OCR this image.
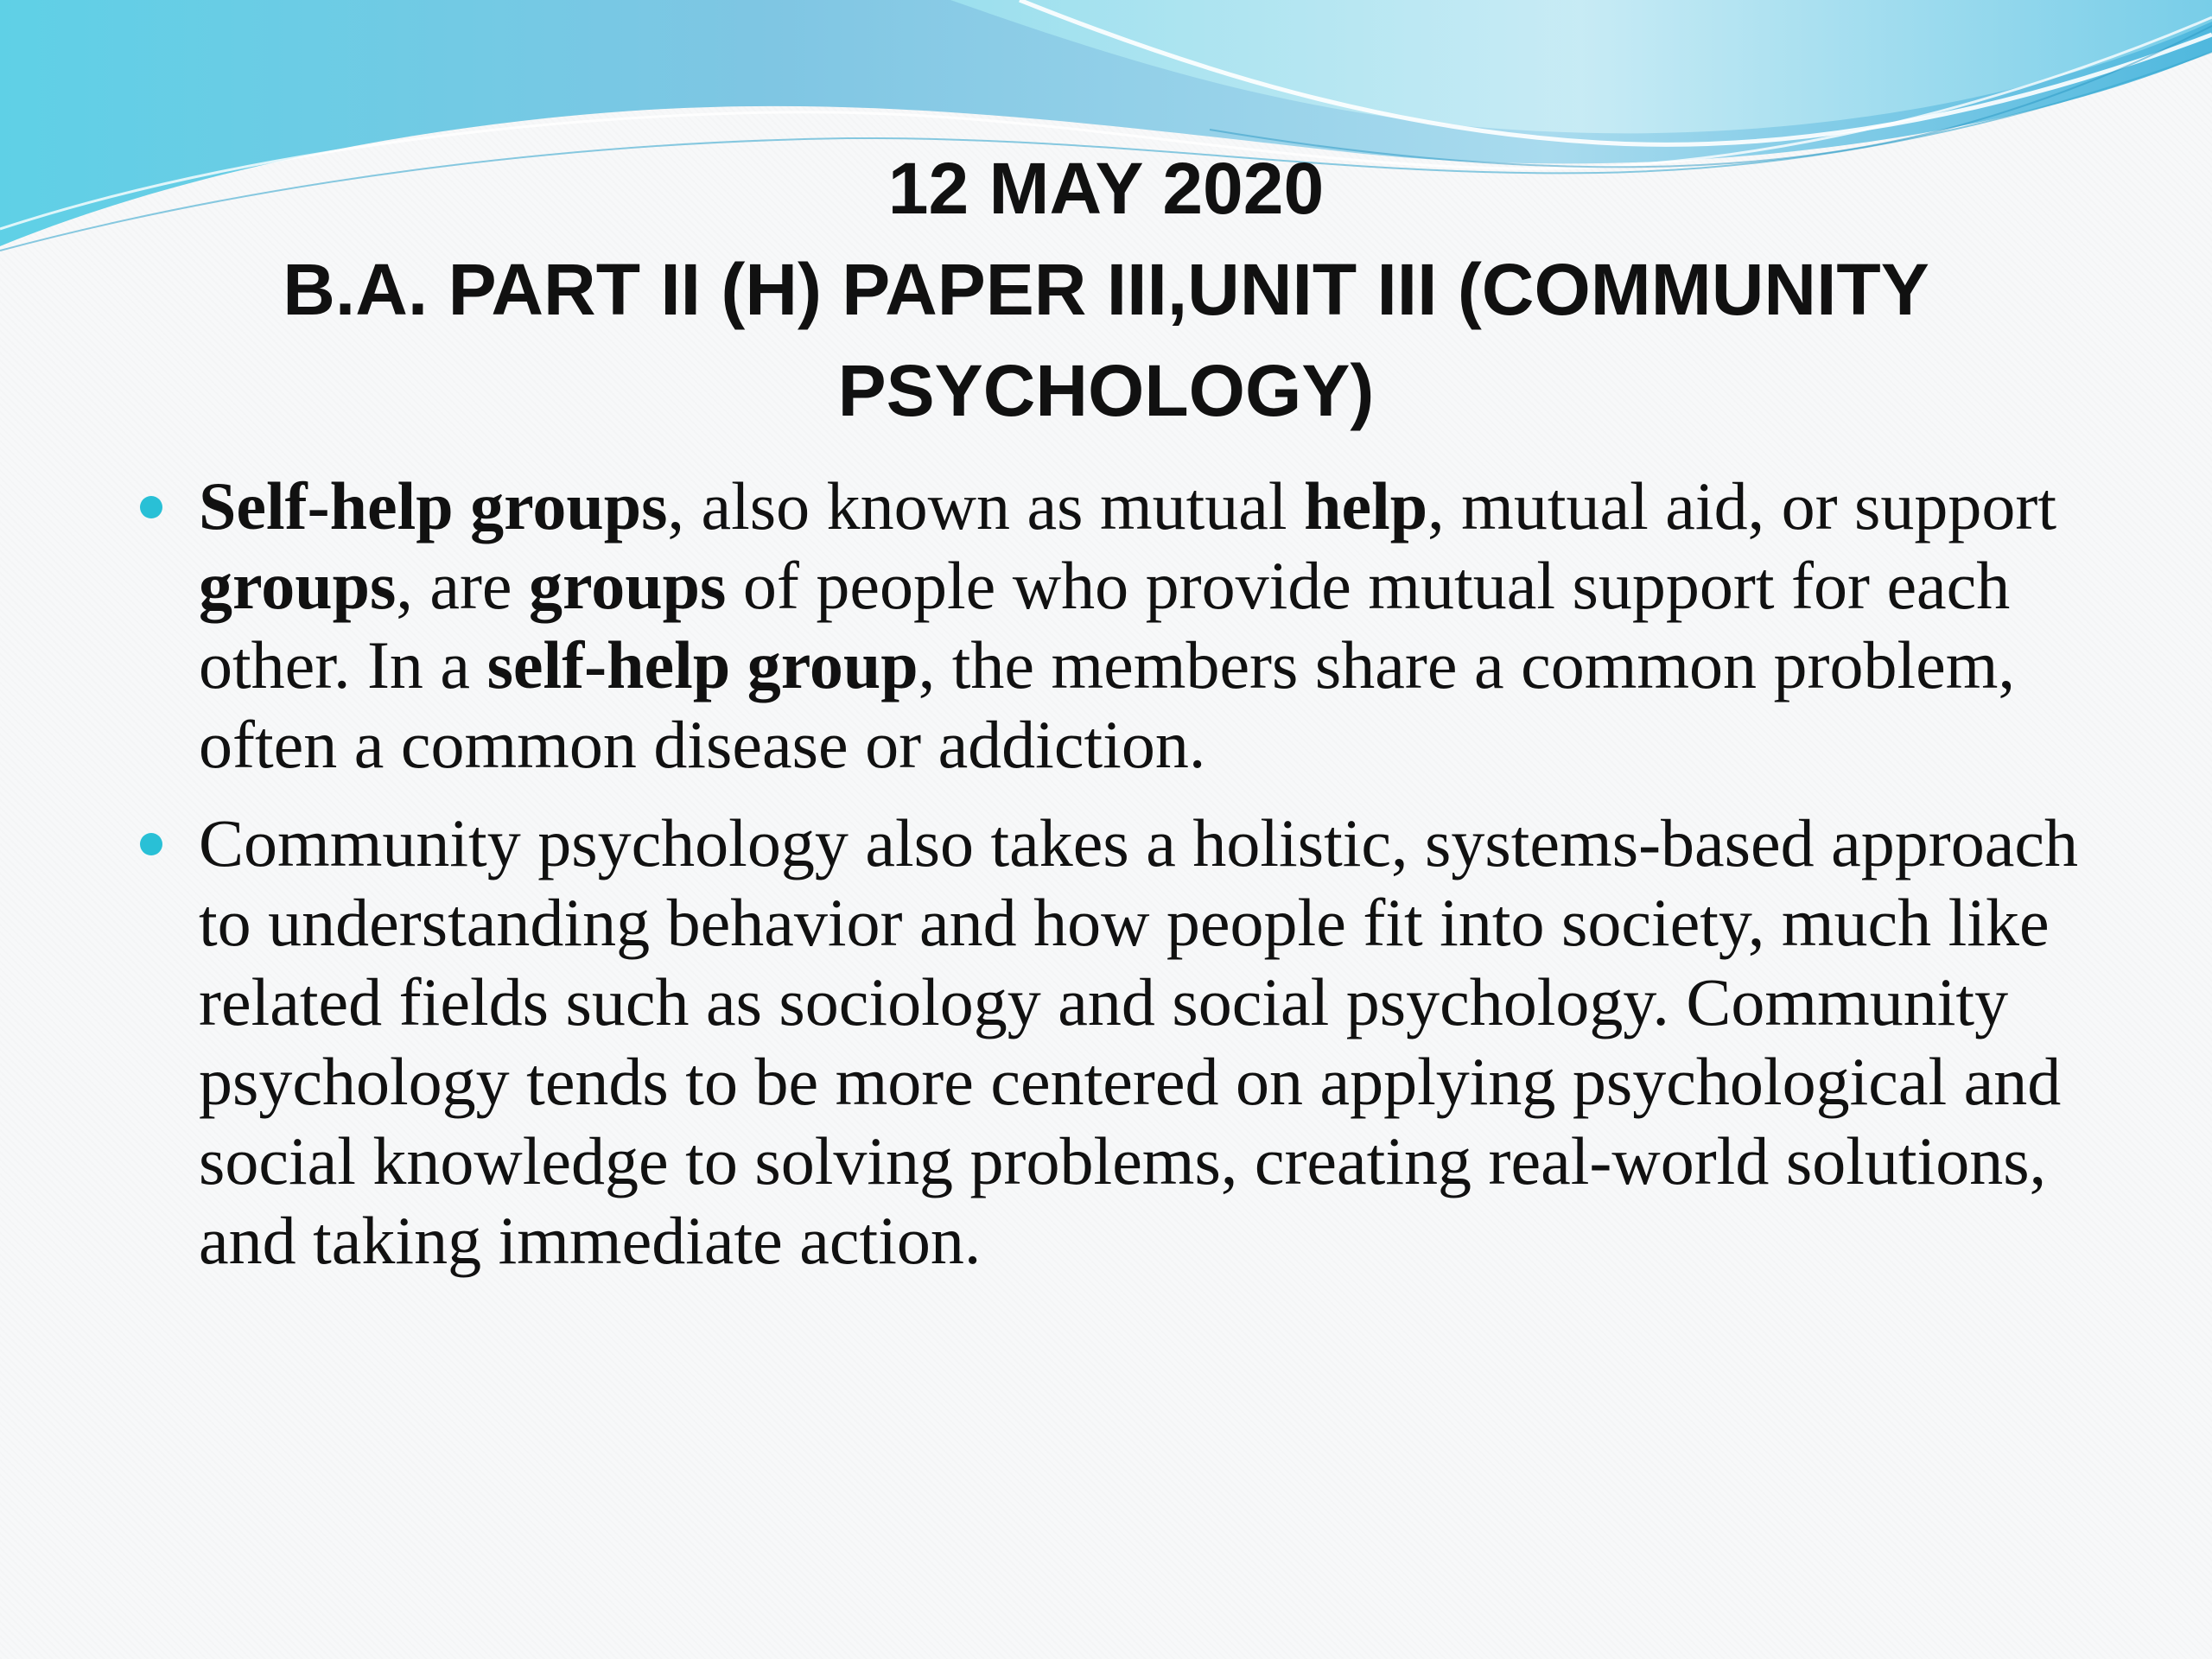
12 MAY 2020
B.A. PART II (H) PAPER III,UNIT III (COMMUNITY
PSYCHOLOGY)
Self-help groups, also known as mutual help, mutual aid, or support groups, are groups of people who provide mutual support for each other. In a self-help group, the members share a common problem, often a common disease or addiction.
Community psychology also takes a holistic, systems-based approach to understanding behavior and how people fit into society, much like related fields such as sociology and social psychology. Community psychology tends to be more centered on applying psychological and social knowledge to solving problems, creating real-world solutions, and taking immediate action.
